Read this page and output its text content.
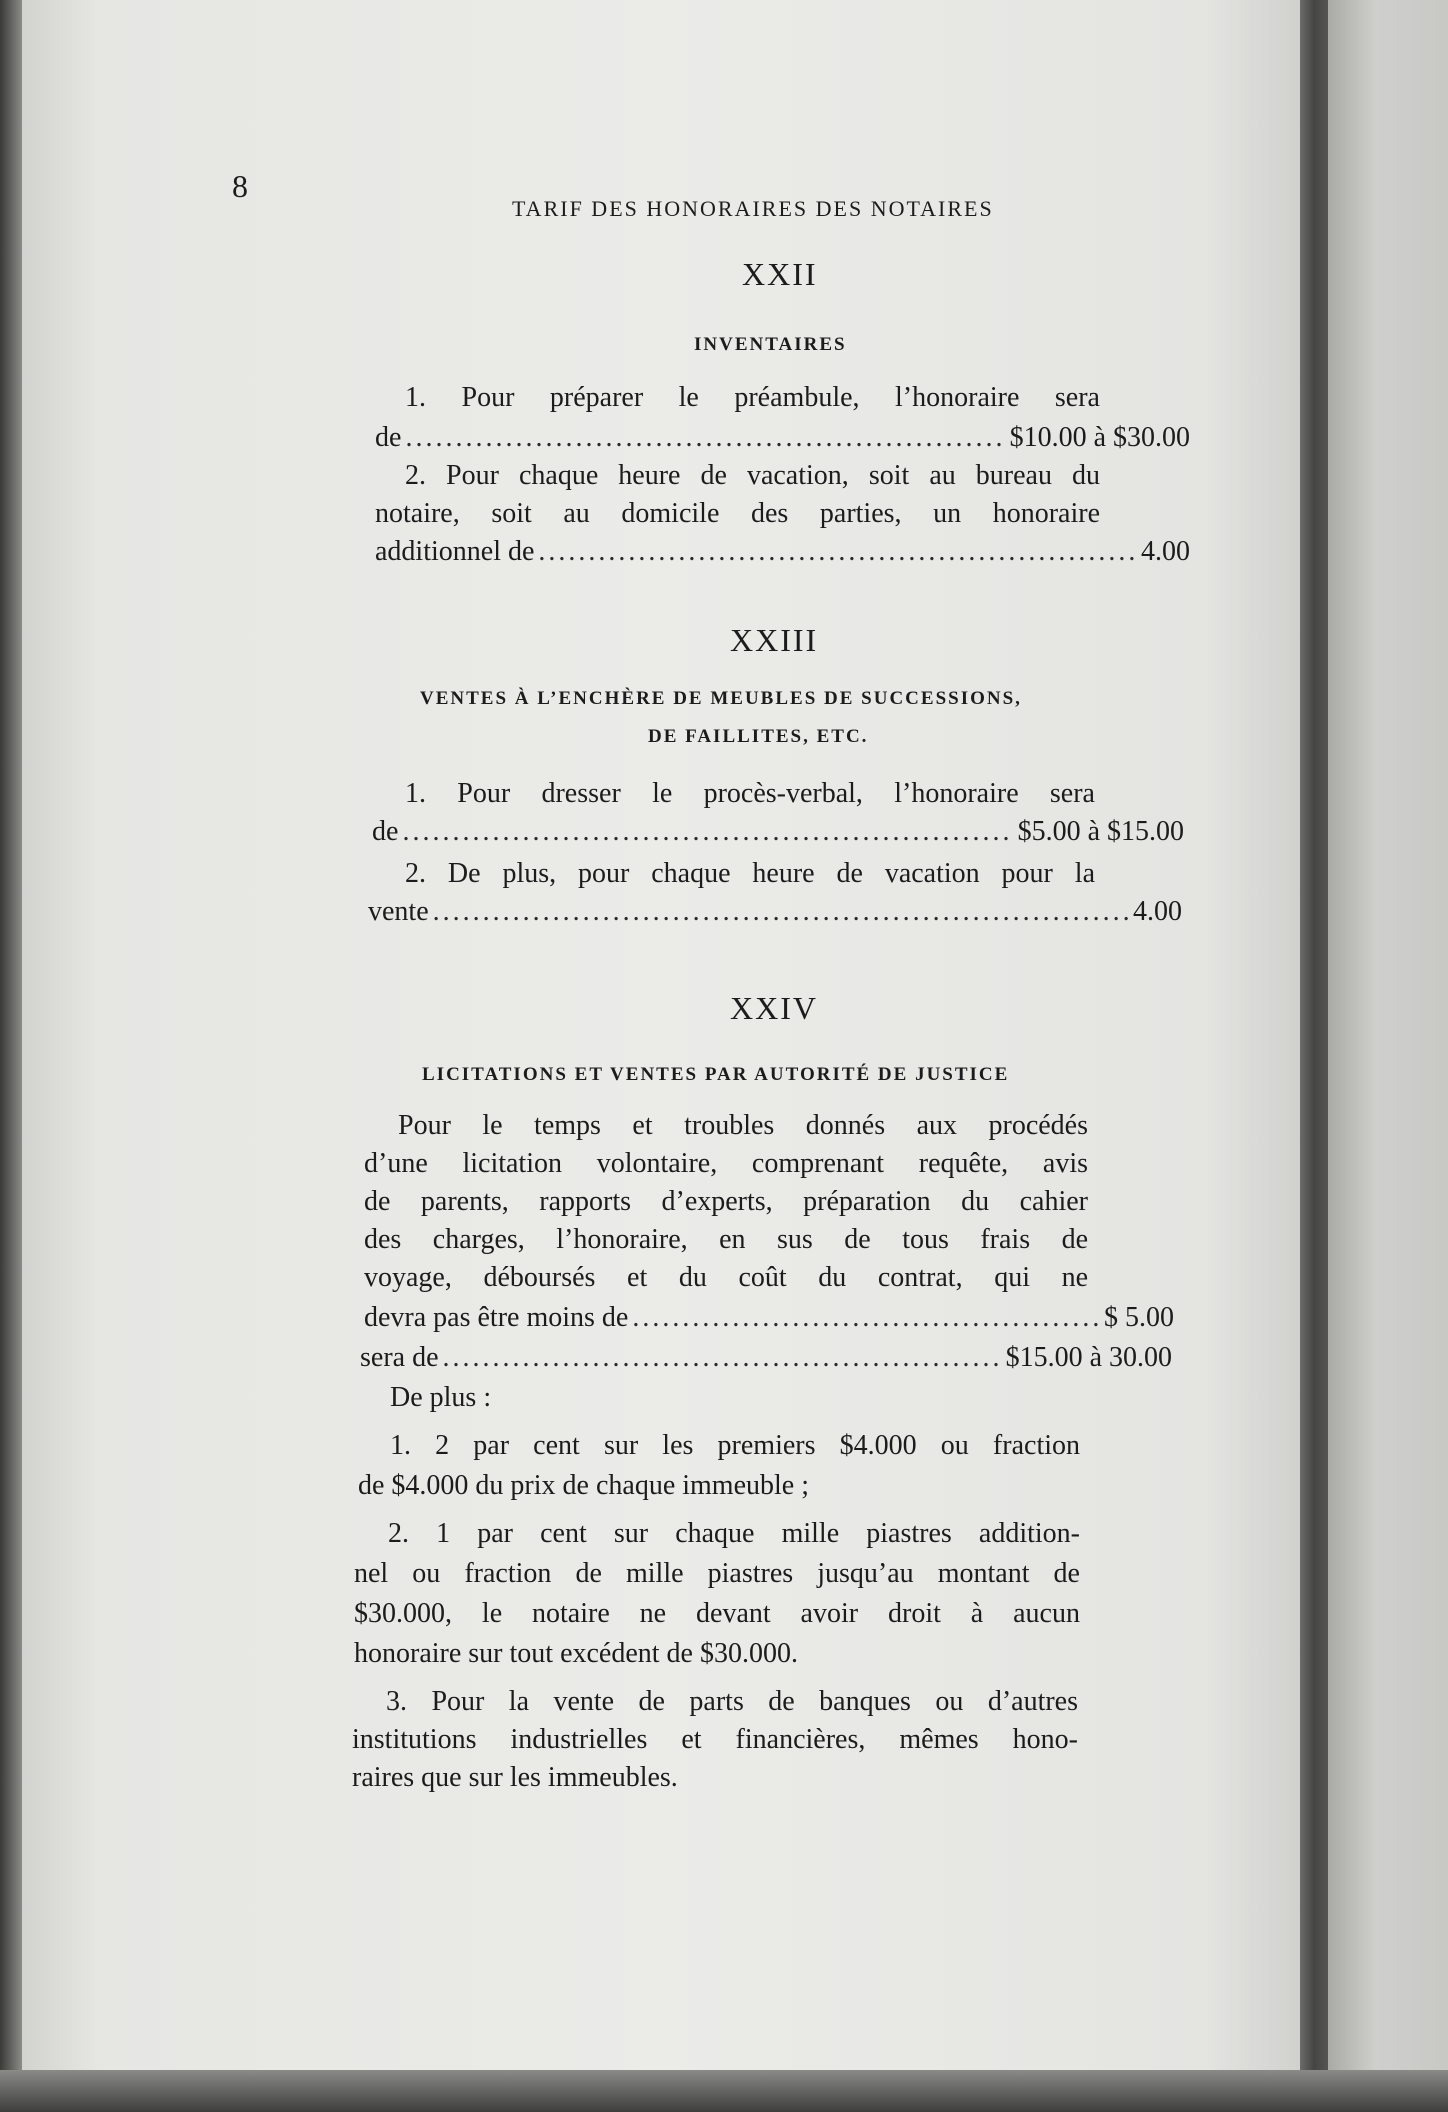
8
TARIF DES HONORAIRES DES NOTAIRES
XXII
INVENTAIRES
1. Pour préparer le préambule, l’honoraire sera
de .....	$10.00 à $30.00
2. Pour chaque heure de vacation, soit au bureau du
notaire, soit au domicile des parties, un honoraire
additionnel de .....	4.00
XXIII
VENTES À L’ENCHÈRE DE MEUBLES DE SUCCESSIONS,
DE FAILLITES, ETC.
1. Pour dresser le procès-verbal, l’honoraire sera
de .....	$5.00 à $15.00
2. De plus, pour chaque heure de vacation pour la
vente .....	4.00
XXIV
LICITATIONS ET VENTES PAR AUTORITÉ DE JUSTICE
Pour le temps et troubles donnés aux procédés
d’une licitation volontaire, comprenant requête, avis
de parents, rapports d’experts, préparation du cahier
des charges, l’honoraire, en sus de tous frais de
voyage, déboursés et du coût du contrat, qui ne
devra pas être moins de .....	$ 5.00
sera de .....	$15.00 à 30.00
De plus :
1. 2 par cent sur les premiers $4.000 ou fraction
de $4.000 du prix de chaque immeuble ;
2. 1 par cent sur chaque mille piastres addition-
nel ou fraction de mille piastres jusqu’au montant de
$30.000, le notaire ne devant avoir droit à aucun
honoraire sur tout excédent de $30.000.
3. Pour la vente de parts de banques ou d’autres
institutions industrielles et financières, mêmes hono-
raires que sur les immeubles.
